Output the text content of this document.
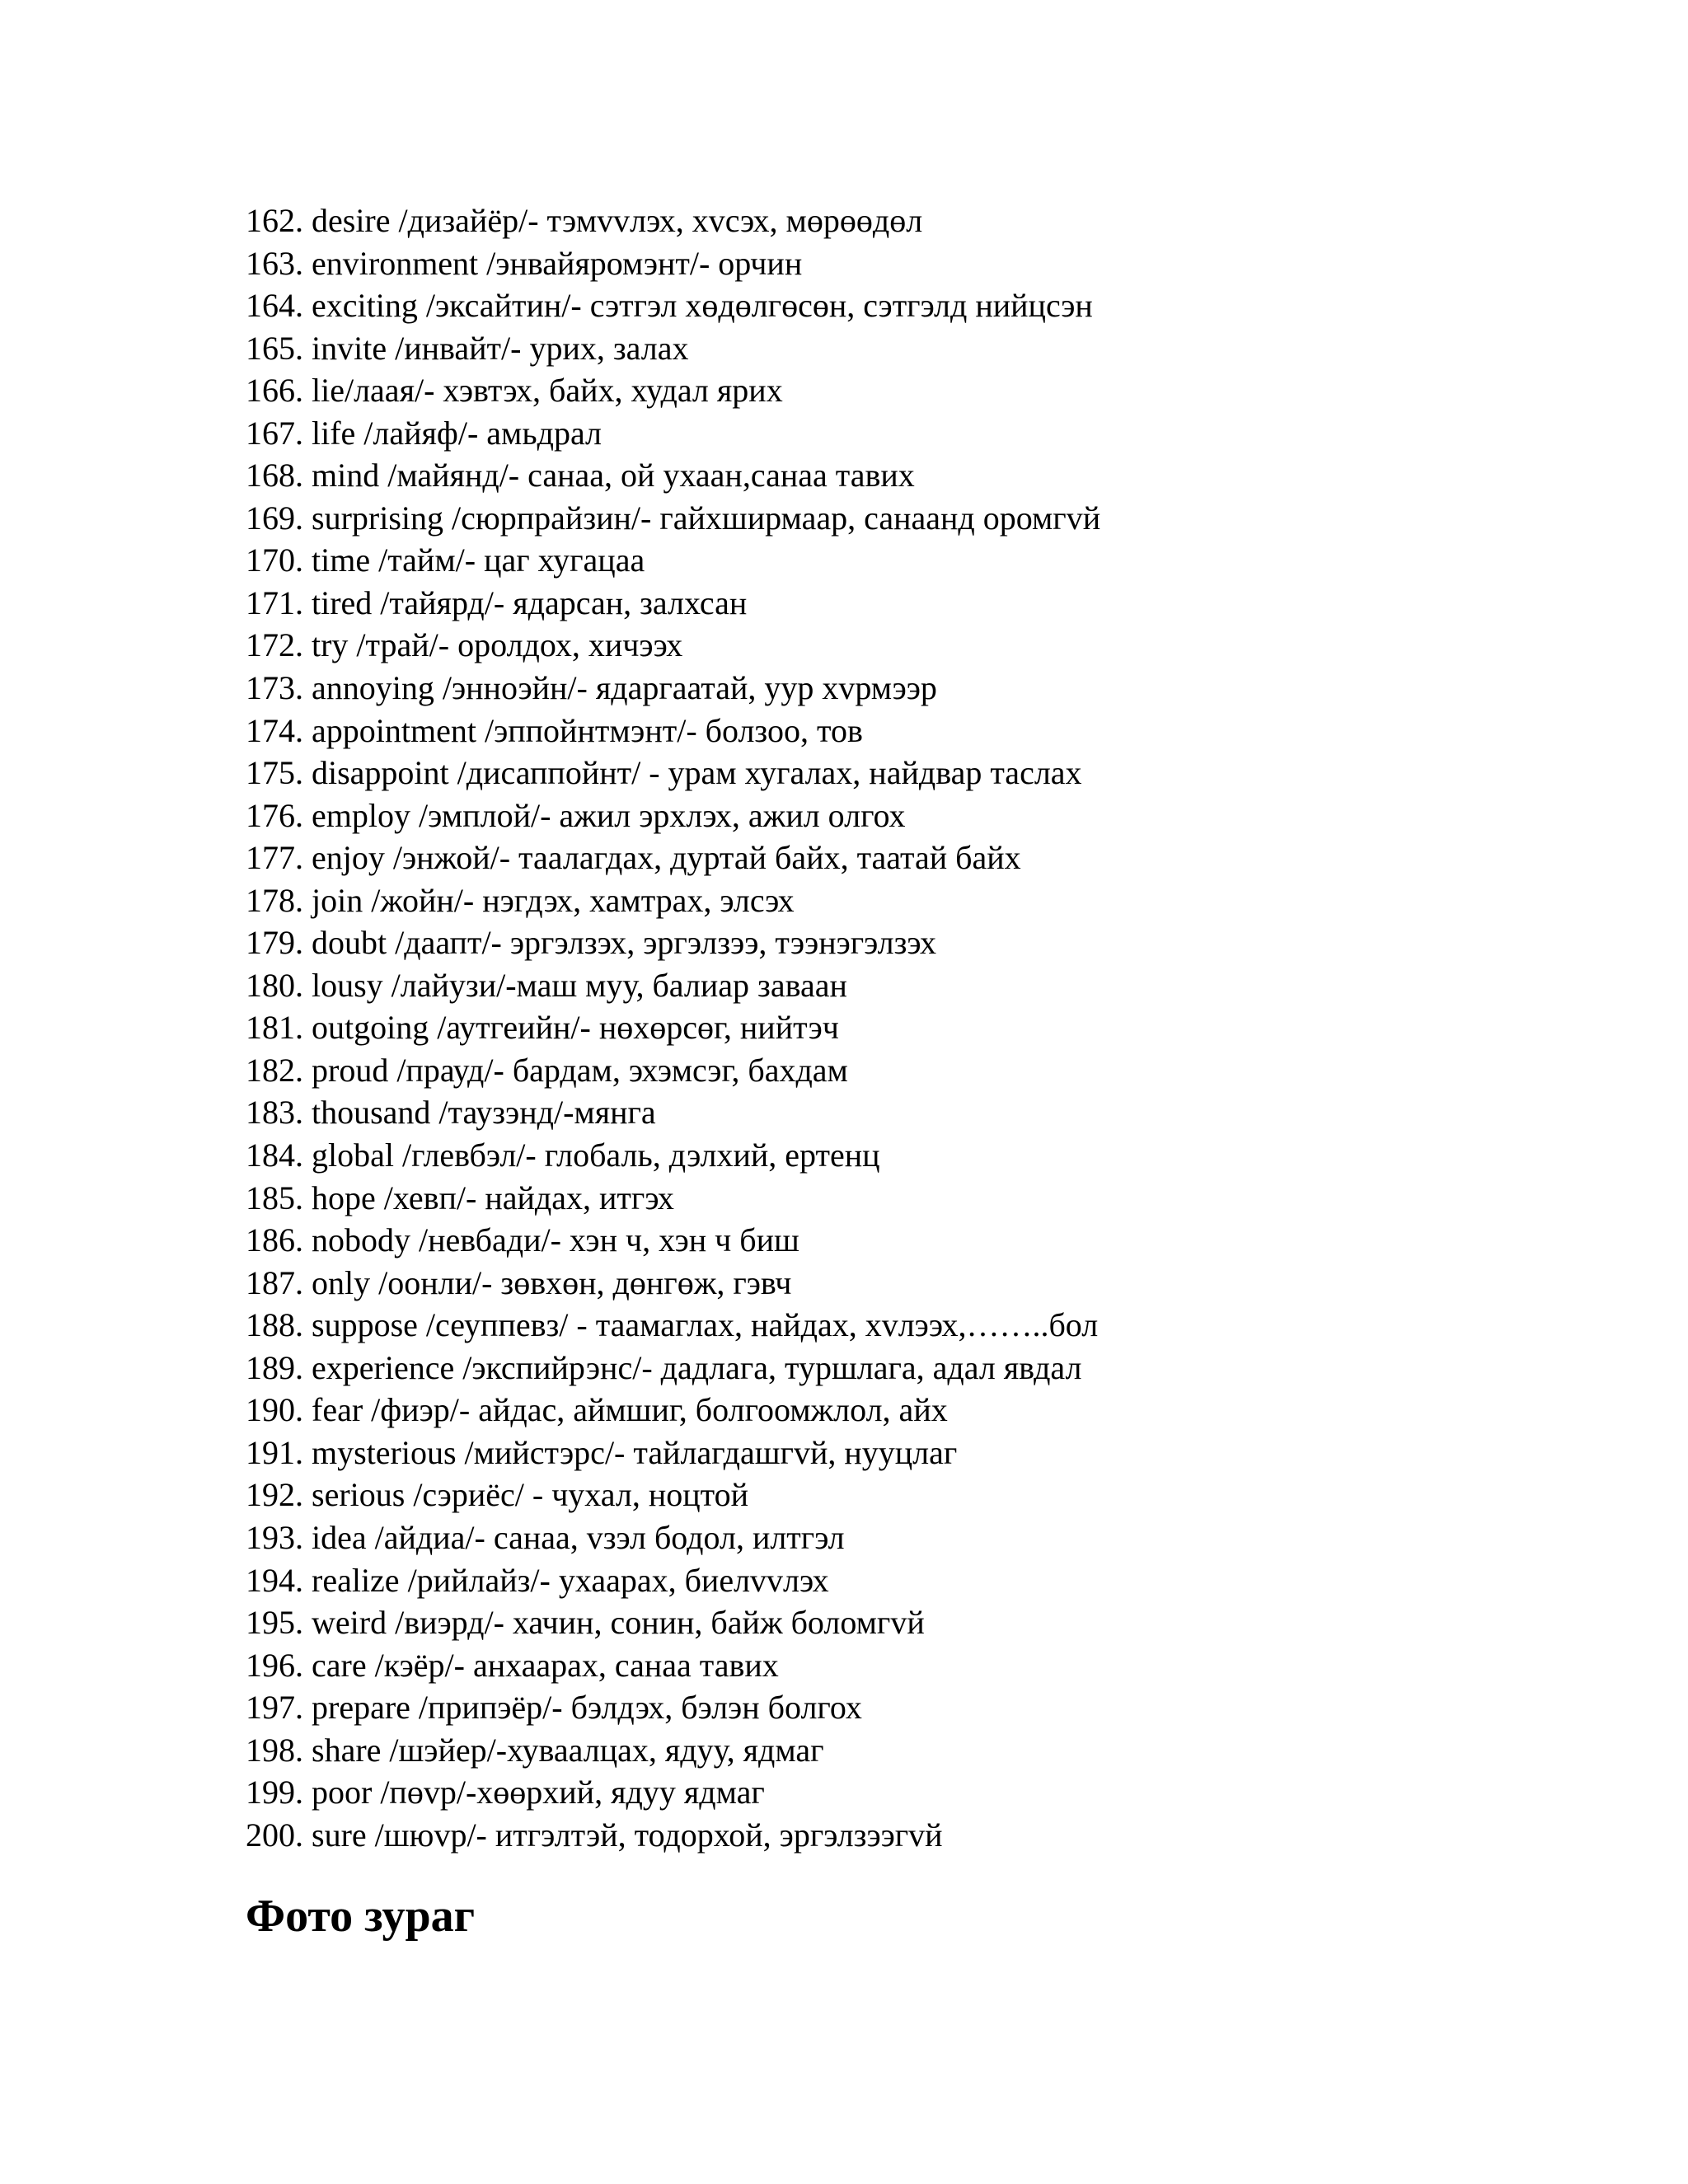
162. desire /дизайёр/- тэмvvлэх, хvсэх, мөрөөдөл
163. environment /энвайяромэнт/- орчин
164. exciting /эксайтин/- сэтгэл хөдөлгөсөн, сэтгэлд нийцсэн
165. invite /инвайт/- урих, залах
166. lie/лаая/- хэвтэх, байх, худал ярих
167. life /лайяф/- амьдрал
168. mind /майянд/- санаа, ой ухаан,санаа тавих
169. surprising /сюрпрайзин/- гайхширмаар, санаанд оромгvй
170. time /тайм/- цаг хугацаа
171. tired /тайярд/- ядарсан, залхсан
172. try /трай/- оролдох, хичээх
173. annoying /энноэйн/- ядаргаатай, уур хvрмээр
174. appointment /эппойнтмэнт/- болзоо, тов
175. disappoint /дисаппойнт/ - урам хугалах, найдвар таслах
176. employ /эмплой/- ажил эрхлэх, ажил олгох
177. enjoy /энжой/- таалагдах, дуртай байх, таатай байх
178. join /жойн/- нэгдэх, хамтрах, элсэх
179. doubt /даапт/- эргэлзэх, эргэлзээ, тээнэгэлзэх
180. lousy /лайузи/-маш муу, балиар заваан
181. outgoing /аутгеийн/- нөхөрсөг, нийтэч
182. proud /прауд/- бардам, эхэмсэг, бахдам
183. thousand /таузэнд/-мянга
184. global /глевбэл/- глобаль, дэлхий, ертенц
185. hope /хевп/- найдах, итгэх
186. nobody /невбади/- хэн ч, хэн ч биш
187. only /оонли/- зөвхөн, дөнгөж, гэвч
188. suppose /сеуппевз/ - таамаглах, найдах, хvлээх,……..бол
189. experience /экспийрэнс/- дадлага, туршлага, адал явдал
190. fear /фиэр/- айдас, аймшиг, болгоомжлол, айх
191. mysterious /мийстэрс/- тайлагдашгvй, нууцлаг
192. serious /сэриёс/ - чухал, ноцтой
193. idea /айдиа/- санаа, vзэл бодол, илтгэл
194. realize /рийлайз/- ухаарах, биелvvлэх
195. weird /виэрд/- хачин, сонин, байж боломгvй
196. care /кэёр/- анхаарах, санаа тавих
197. prepare /припэёр/- бэлдэх, бэлэн болгох
198. share /шэйер/-хуваалцах, ядуу, ядмаг
199. poor /пөvр/-хөөрхий, ядуу ядмаг
200. sure /шюvр/- итгэлтэй, тодорхой, эргэлзээгvй
Фото зураг
